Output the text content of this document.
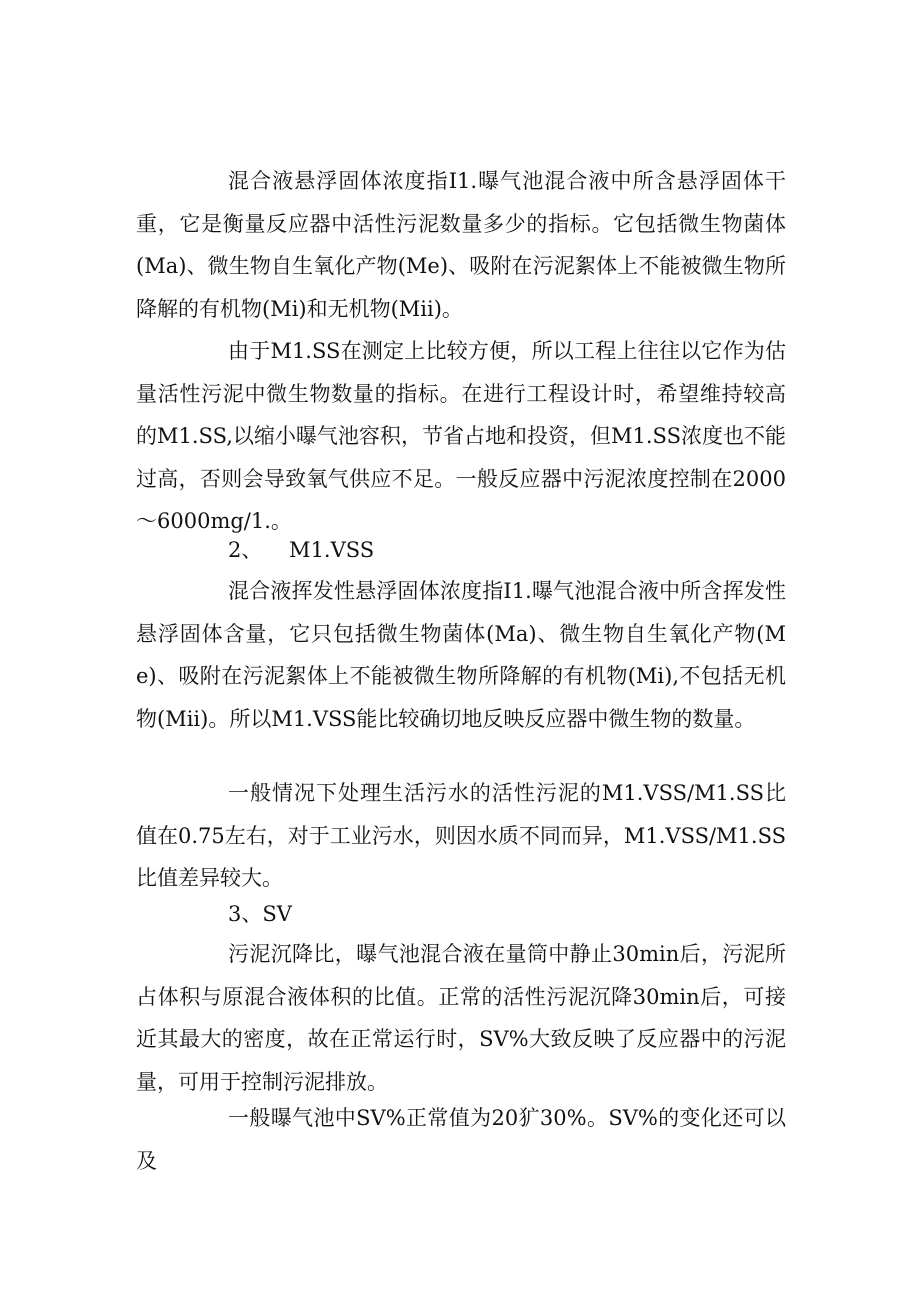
混合液悬浮固体浓度指I1.曝气池混合液中所含悬浮固体干重，它是衡量反应器中活性污泥数量多少的指标。它包括微生物菌体(Ma)、微生物自生氧化产物(Me)、吸附在污泥絮体上不能被微生物所降解的有机物(Mi)和无机物(Mii)。

由于M1.SS在测定上比较方便，所以工程上往往以它作为估量活性污泥中微生物数量的指标。在进行工程设计时，希望维持较高的M1.SS,以缩小曝气池容积，节省占地和投资，但M1.SS浓度也不能过高，否则会导致氧气供应不足。一般反应器中污泥浓度控制在2000～6000mg/1.。

2、    M1.VSS

混合液挥发性悬浮固体浓度指I1.曝气池混合液中所含挥发性悬浮固体含量，它只包括微生物菌体(Ma)、微生物自生氧化产物(Me)、吸附在污泥絮体上不能被微生物所降解的有机物(Mi),不包括无机物(Mii)。所以M1.VSS能比较确切地反映反应器中微生物的数量。

一般情况下处理生活污水的活性污泥的M1.VSS/M1.SS比值在0.75左右，对于工业污水，则因水质不同而异，M1.VSS/M1.SS比值差异较大。

3、SV

污泥沉降比，曝气池混合液在量筒中静止30min后，污泥所占体积与原混合液体积的比值。正常的活性污泥沉降30min后，可接近其最大的密度，故在正常运行时，SV%大致反映了反应器中的污泥量，可用于控制污泥排放。

一般曝气池中SV%正常值为20犷30%。SV%的变化还可以及
